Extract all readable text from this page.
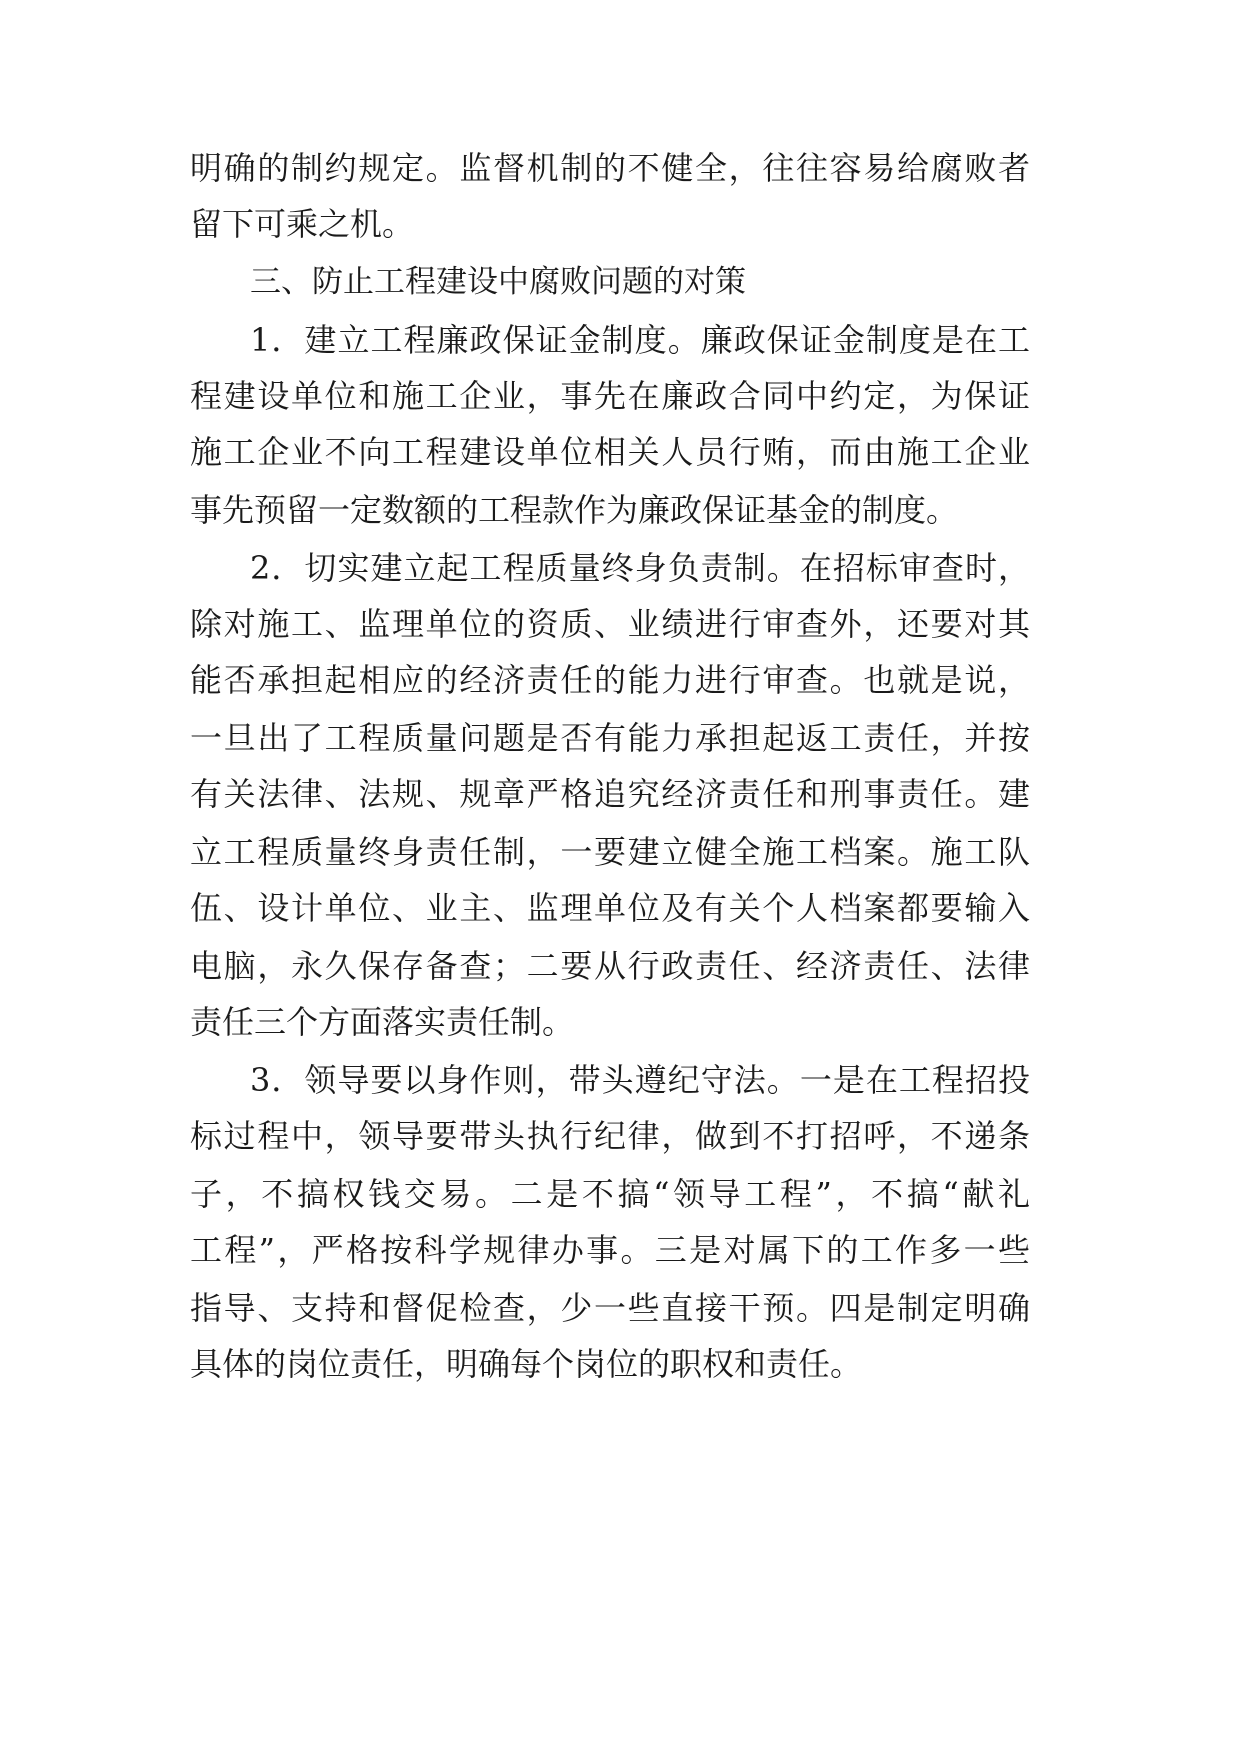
明确的制约规定。监督机制的不健全，往往容易给腐败者
留下可乘之机。
三、防止工程建设中腐败问题的对策
1．建立工程廉政保证金制度。廉政保证金制度是在工
程建设单位和施工企业，事先在廉政合同中约定，为保证
施工企业不向工程建设单位相关人员行贿，而由施工企业
事先预留一定数额的工程款作为廉政保证基金的制度。
2．切实建立起工程质量终身负责制。在招标审查时，
除对施工、监理单位的资质、业绩进行审查外，还要对其
能否承担起相应的经济责任的能力进行审查。也就是说，
一旦出了工程质量问题是否有能力承担起返工责任，并按
有关法律、法规、规章严格追究经济责任和刑事责任。建
立工程质量终身责任制，一要建立健全施工档案。施工队
伍、设计单位、业主、监理单位及有关个人档案都要输入
电脑，永久保存备查；二要从行政责任、经济责任、法律
责任三个方面落实责任制。
3．领导要以身作则，带头遵纪守法。一是在工程招投
标过程中，领导要带头执行纪律，做到不打招呼，不递条
子，不搞权钱交易。二是不搞“领导工程”，不搞“献礼
工程”，严格按科学规律办事。三是对属下的工作多一些
指导、支持和督促检查，少一些直接干预。四是制定明确
具体的岗位责任，明确每个岗位的职权和责任。
